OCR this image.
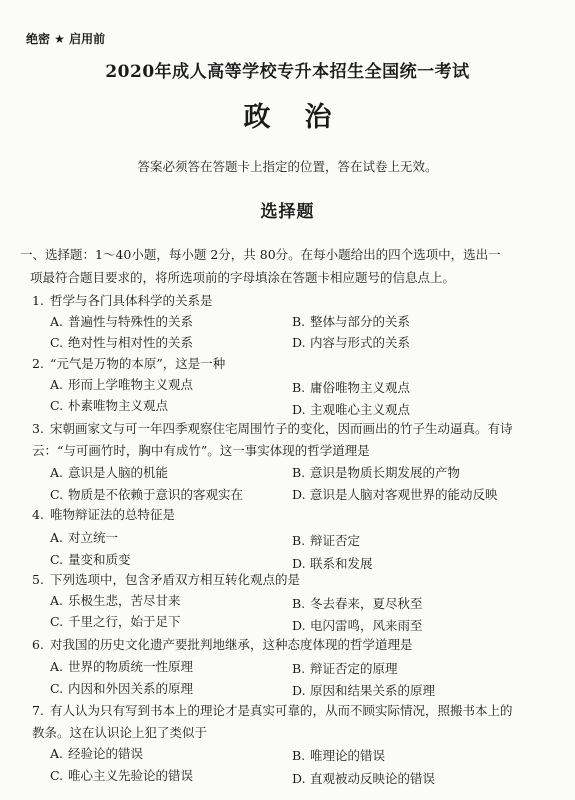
绝密 ★ 启用前
2020年成人高等学校专升本招生全国统一考试
政治
答案必须答在答题卡上指定的位置，答在试卷上无效。
选择题
一、选择题：1～40小题，每小题 2分，共 80分。在每小题给出的四个选项中，选出一
项最符合题目要求的，将所选项前的字母填涂在答题卡相应题号的信息点上。
1. 哲学与各门具体科学的关系是
A. 普遍性与特殊性的关系	B. 整体与部分的关系
C. 绝对性与相对性的关系	D. 内容与形式的关系
2. “元气是万物的本原”，这是一种
A. 形而上学唯物主义观点	B. 庸俗唯物主义观点
C. 朴素唯物主义观点	D. 主观唯心主义观点
3. 宋朝画家文与可一年四季观察住宅周围竹子的变化，因而画出的竹子生动逼真。有诗
云：“与可画竹时，胸中有成竹”。这一事实体现的哲学道理是
A. 意识是人脑的机能	B. 意识是物质长期发展的产物
C. 物质是不依赖于意识的客观实在	D. 意识是人脑对客观世界的能动反映
4. 唯物辩证法的总特征是
A. 对立统一	B. 辩证否定
C. 量变和质变	D. 联系和发展
5. 下列选项中，包含矛盾双方相互转化观点的是
A. 乐极生悲，苦尽甘来	B. 冬去春来，夏尽秋至
C. 千里之行，始于足下	D. 电闪雷鸣，风来雨至
6. 对我国的历史文化遗产要批判地继承，这种态度体现的哲学道理是
A. 世界的物质统一性原理	B. 辩证否定的原理
C. 内因和外因关系的原理	D. 原因和结果关系的原理
7. 有人认为只有写到书本上的理论才是真实可靠的，从而不顾实际情况，照搬书本上的
教条。这在认识论上犯了类似于
A. 经验论的错误	B. 唯理论的错误
C. 唯心主义先验论的错误	D. 直观被动反映论的错误
